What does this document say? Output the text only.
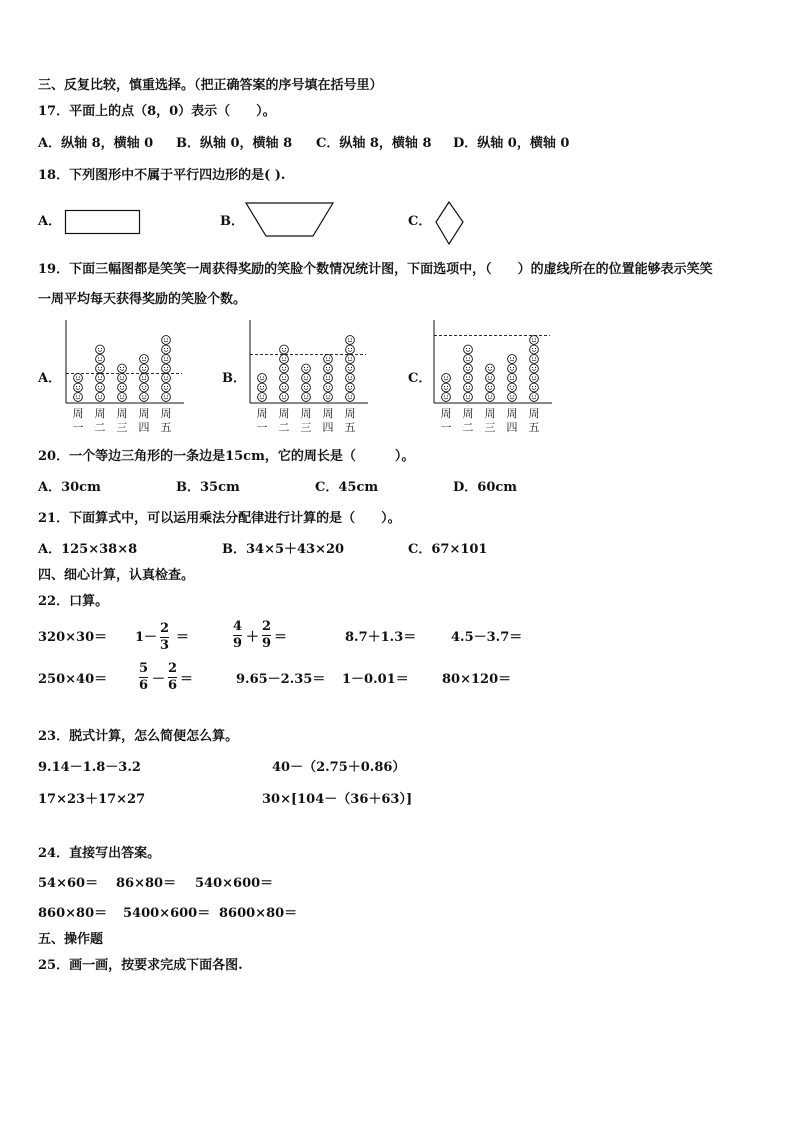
三、反复比较，慎重选择。（把正确答案的序号填在括号里）
17．平面上的点（8，0）表示（　　）。
A．纵轴 8，横轴 0 B．纵轴 0，横轴 8 C．纵轴 8，横轴 8 D．纵轴 0，横轴 0
18．下列图形中不属于平行四边形的是( ).
A．	B．	C．
19．下面三幅图都是笑笑一周获得奖励的笑脸个数情况统计图，下面选项中，（　　）的虚线所在的位置能够表示笑笑
一周平均每天获得奖励的笑脸个数。
A．	B．	C．
周
一
周
二
周
三
周
四
周
五
周
一
周
二
周
三
周
四
周
五
周
一
周
二
周
三
周
四
周
五
20．一个等边三角形的一条边是15cm，它的周长是（　　　）。
A．30cm	B．35cm	C．45cm	D．60cm
21．下面算式中，可以运用乘法分配律进行计算的是（　　）。
A．125×38×8	B．34×5＋43×20	C．67×101
四、细心计算，认真检查。
22．口算。
320×30＝ 1－
2
3
＝
4
9 ＋
2
9 ＝	8.7＋1.3＝	4.5－3.7＝
250×40＝
5
6 －
2
6 ＝	9.65－2.35＝ 1－0.01＝	80×120＝
23．脱式计算，怎么简便怎么算。
9.14－1.8－3.2	40－（2.75＋0.86）
17×23＋17×27	30×[104－（36＋63）]
24．直接写出答案。
54×60＝ 86×80＝ 540×600＝
860×80＝ 5400×600＝ 8600×80＝
五、操作题
25．画一画，按要求完成下面各图.
